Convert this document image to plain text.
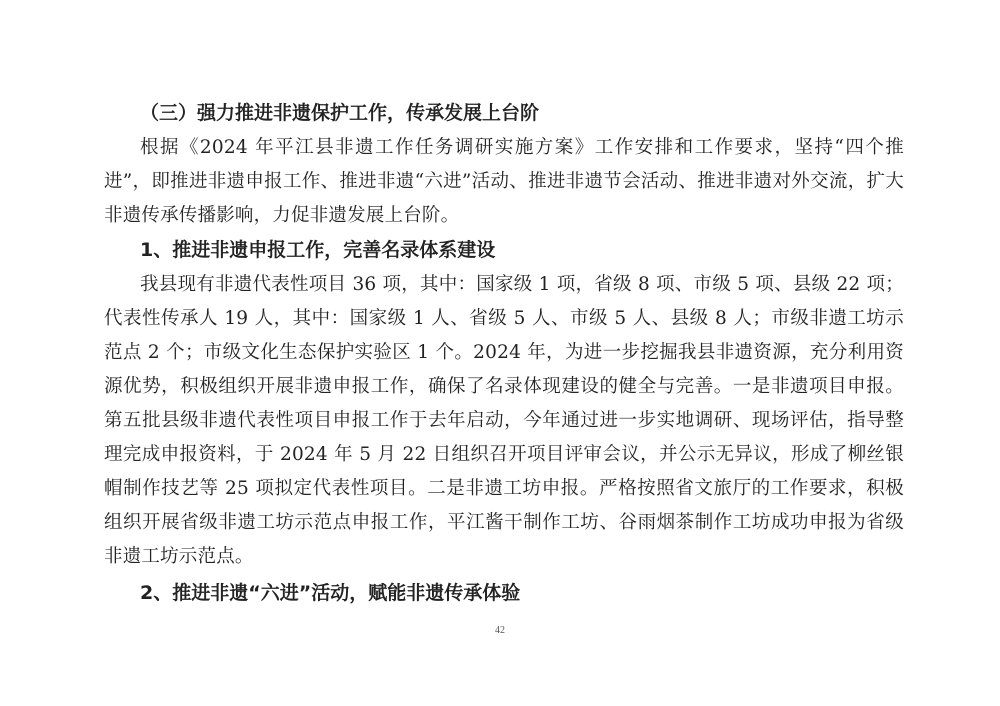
（三）强力推进非遗保护工作，传承发展上台阶

根据《2024 年平江县非遗工作任务调研实施方案》工作安排和工作要求，坚持“四个推进”，即推进非遗申报工作、推进非遗“六进”活动、推进非遗节会活动、推进非遗对外交流，扩大非遗传承传播影响，力促非遗发展上台阶。

1、推进非遗申报工作，完善名录体系建设

我县现有非遗代表性项目 36 项，其中：国家级 1 项，省级 8 项、市级 5 项、县级 22 项；代表性传承人 19 人，其中：国家级 1 人、省级 5 人、市级 5 人、县级 8 人；市级非遗工坊示范点 2 个；市级文化生态保护实验区 1 个。2024 年，为进一步挖掘我县非遗资源，充分利用资源优势，积极组织开展非遗申报工作，确保了名录体现建设的健全与完善。一是非遗项目申报。第五批县级非遗代表性项目申报工作于去年启动，今年通过进一步实地调研、现场评估，指导整理完成申报资料，于 2024 年 5 月 22 日组织召开项目评审会议，并公示无异议，形成了柳丝银帽制作技艺等 25 项拟定代表性项目。二是非遗工坊申报。严格按照省文旅厅的工作要求，积极组织开展省级非遗工坊示范点申报工作，平江酱干制作工坊、谷雨烟茶制作工坊成功申报为省级非遗工坊示范点。

2、推进非遗“六进”活动，赋能非遗传承体验

42
